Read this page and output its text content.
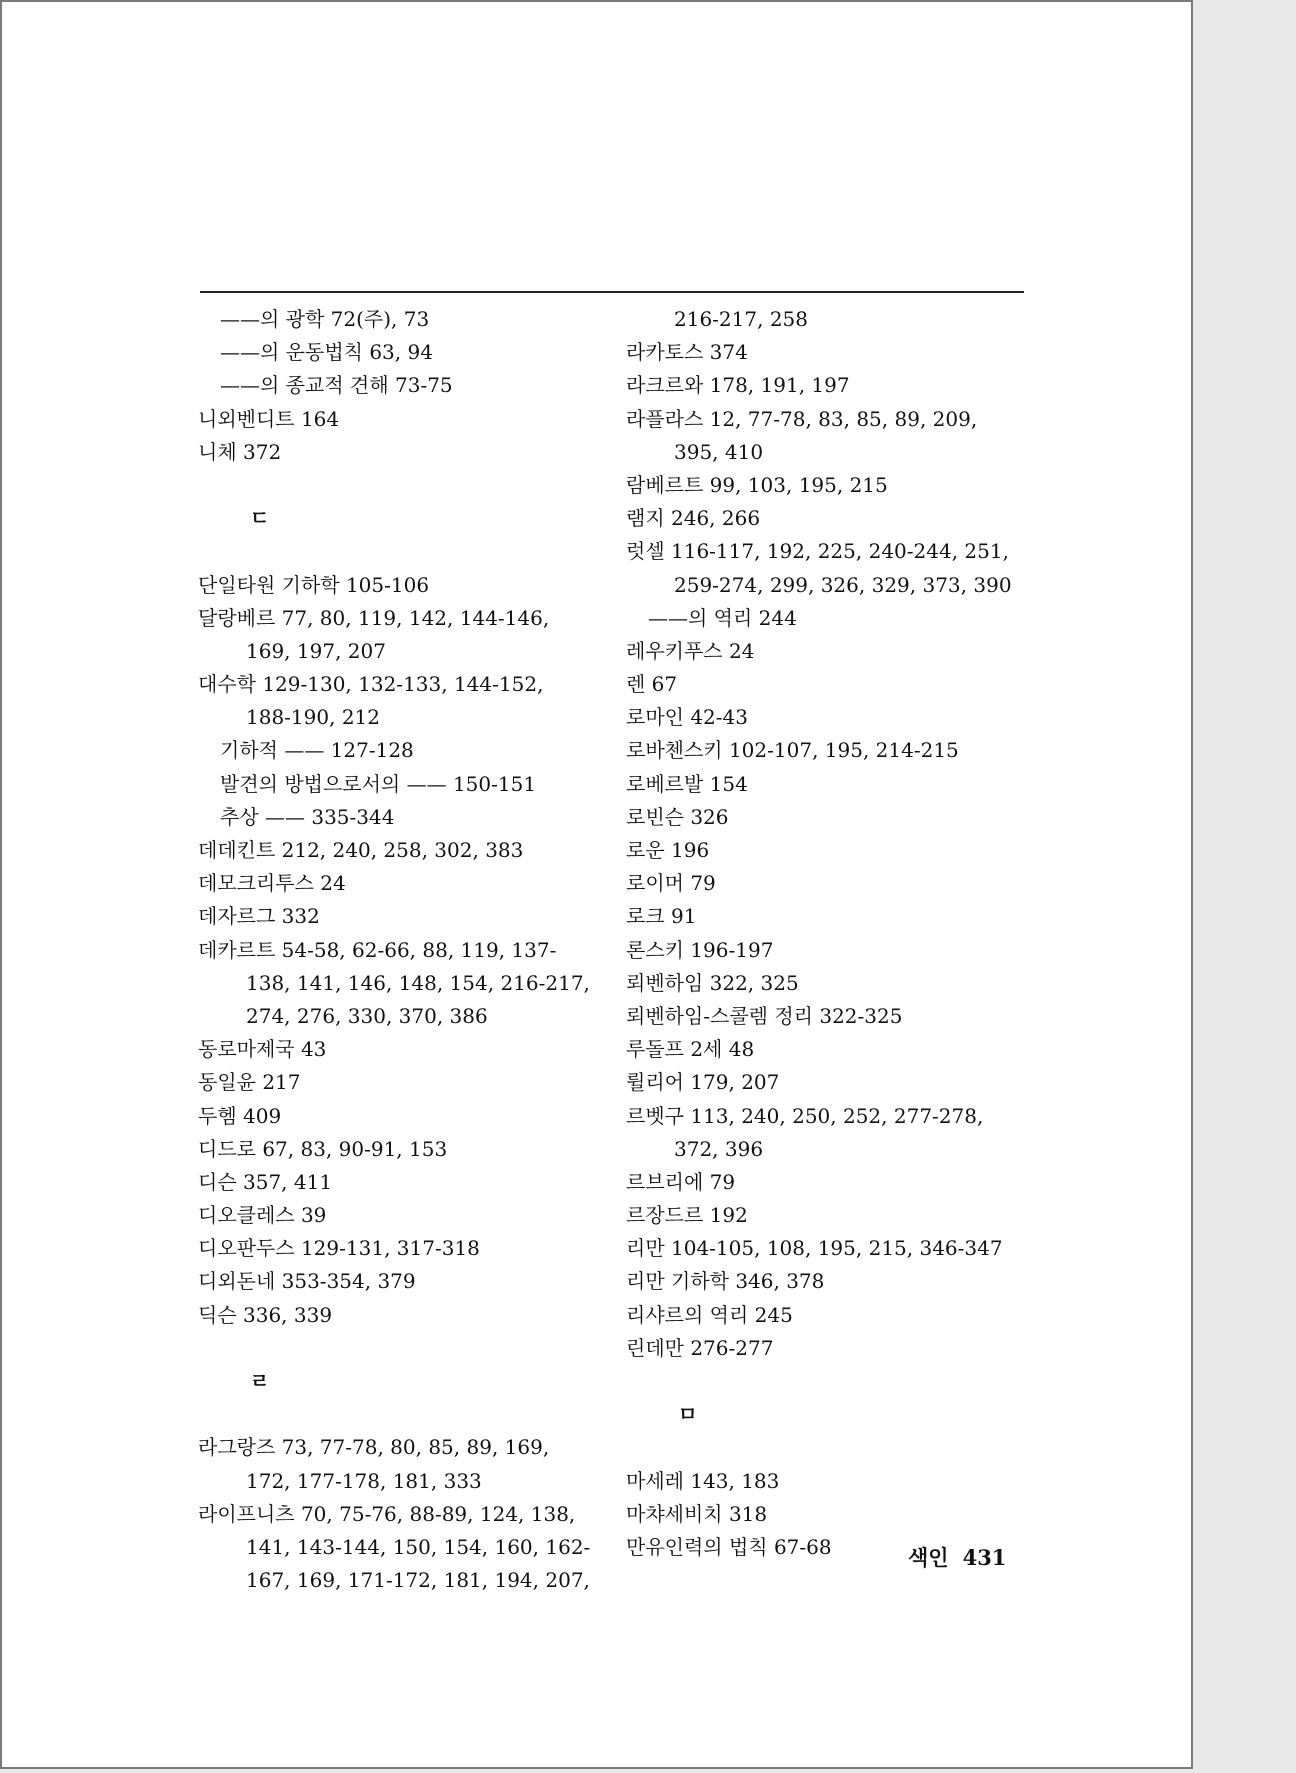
——의 광학 72(주), 73
——의 운동법칙 63, 94
——의 종교적 견해 73-75
니외벤디트 164
니체 372
ㄷ
단일타원 기하학 105-106
달랑베르 77, 80, 119, 142, 144-146,
169, 197, 207
대수학 129-130, 132-133, 144-152,
188-190, 212
기하적 —— 127-128
발견의 방법으로서의 —— 150-151
추상 —— 335-344
데데킨트 212, 240, 258, 302, 383
데모크리투스 24
데자르그 332
데카르트 54-58, 62-66, 88, 119, 137-
138, 141, 146, 148, 154, 216-217,
274, 276, 330, 370, 386
동로마제국 43
동일윤 217
두헴 409
디드로 67, 83, 90-91, 153
디슨 357, 411
디오클레스 39
디오판두스 129-131, 317-318
디외돈네 353-354, 379
딕슨 336, 339
ㄹ
라그랑즈 73, 77-78, 80, 85, 89, 169,
172, 177-178, 181, 333
라이프니츠 70, 75-76, 88-89, 124, 138,
141, 143-144, 150, 154, 160, 162-
167, 169, 171-172, 181, 194, 207,
216-217, 258
라카토스 374
라크르와 178, 191, 197
라플라스 12, 77-78, 83, 85, 89, 209,
395, 410
람베르트 99, 103, 195, 215
램지 246, 266
럿셀 116-117, 192, 225, 240-244, 251,
259-274, 299, 326, 329, 373, 390
——의 역리 244
레우키푸스 24
렌 67
로마인 42-43
로바첸스키 102-107, 195, 214-215
로베르발 154
로빈슨 326
로운 196
로이머 79
로크 91
론스키 196-197
뢰벤하임 322, 325
뢰벤하임-스콜렘 정리 322-325
루돌프 2세 48
륄리어 179, 207
르벳구 113, 240, 250, 252, 277-278,
372, 396
르브리에 79
르장드르 192
리만 104-105, 108, 195, 215, 346-347
리만 기하학 346, 378
리샤르의 역리 245
린데만 276-277
ㅁ
마세레 143, 183
마챠세비치 318
만유인력의 법칙 67-68	색인 431
